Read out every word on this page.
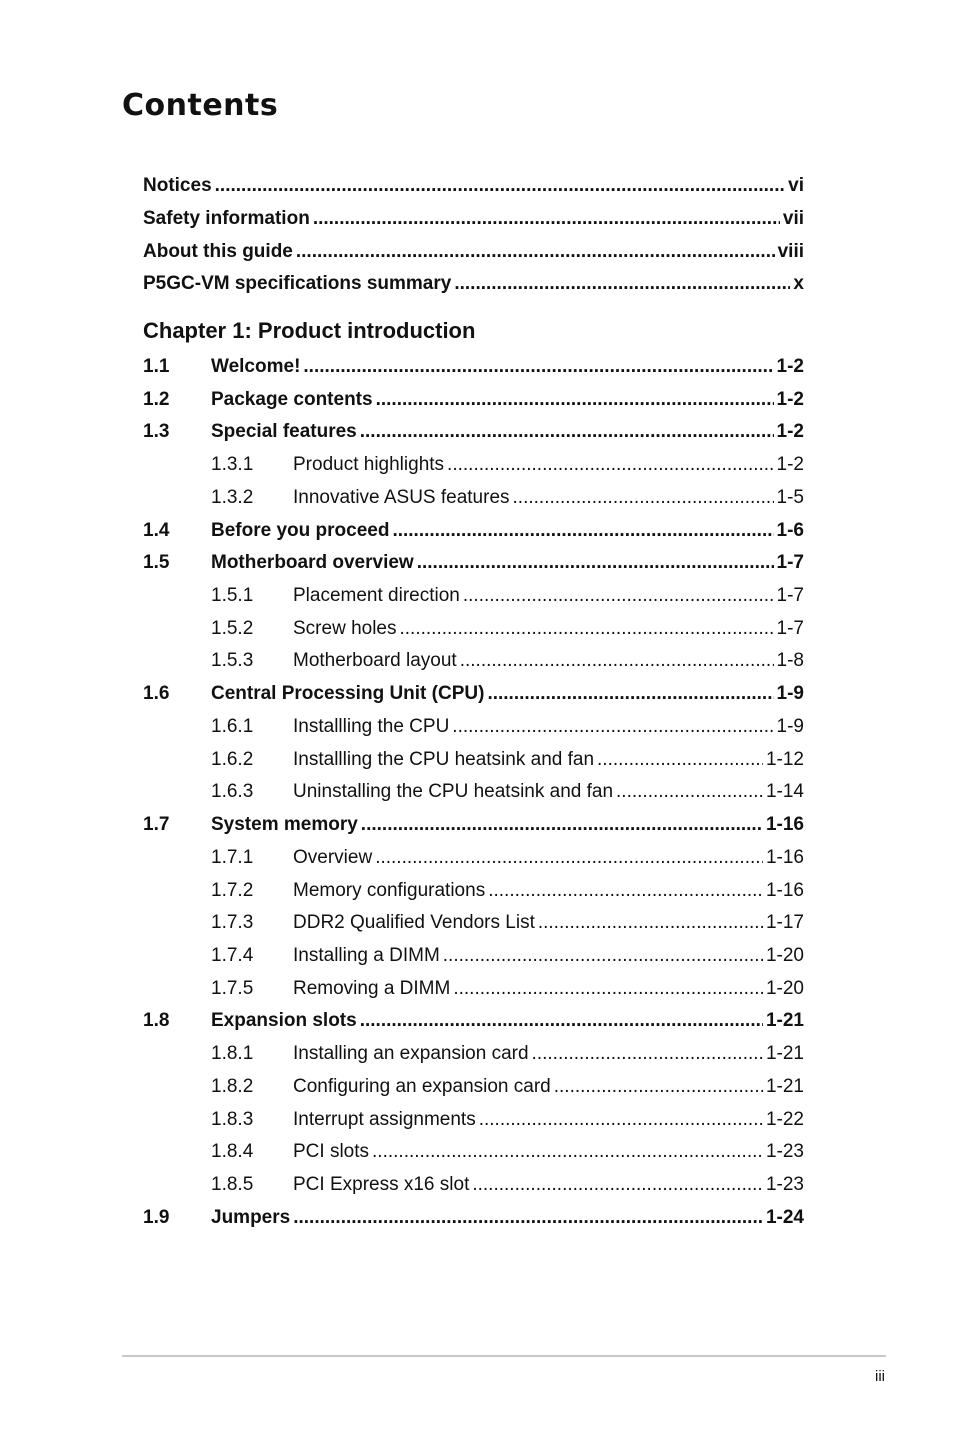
Contents
Notices .....	vi
Safety information .....	vii
About this guide .....	viii
P5GC-VM specifications summary .....	x
Chapter 1: Product introduction
1.1	Welcome! .....	1-2
1.2	Package contents .....	1-2
1.3	Special features .....	1-2
1.3.1	Product highlights .....	1-2
1.3.2	Innovative ASUS features .....	1-5
1.4	Before you proceed .....	1-6
1.5	Motherboard overview .....	1-7
1.5.1	Placement direction .....	1-7
1.5.2	Screw holes .....	1-7
1.5.3	Motherboard layout .....	1-8
1.6	Central Processing Unit (CPU) .....	1-9
1.6.1	Installling the CPU .....	1-9
1.6.2	Installling the CPU heatsink and fan .....	1-12
1.6.3	Uninstalling the CPU heatsink and fan .....	1-14
1.7	System memory .....	1-16
1.7.1	Overview .....	1-16
1.7.2	Memory configurations .....	1-16
1.7.3	DDR2 Qualified Vendors List .....	1-17
1.7.4	Installing a DIMM .....	1-20
1.7.5	Removing a DIMM .....	1-20
1.8	Expansion slots .....	1-21
1.8.1	Installing an expansion card .....	1-21
1.8.2	Configuring an expansion card .....	1-21
1.8.3	Interrupt assignments .....	1-22
1.8.4	PCI slots .....	1-23
1.8.5	PCI Express x16 slot .....	1-23
1.9	Jumpers .....	1-24
iii
